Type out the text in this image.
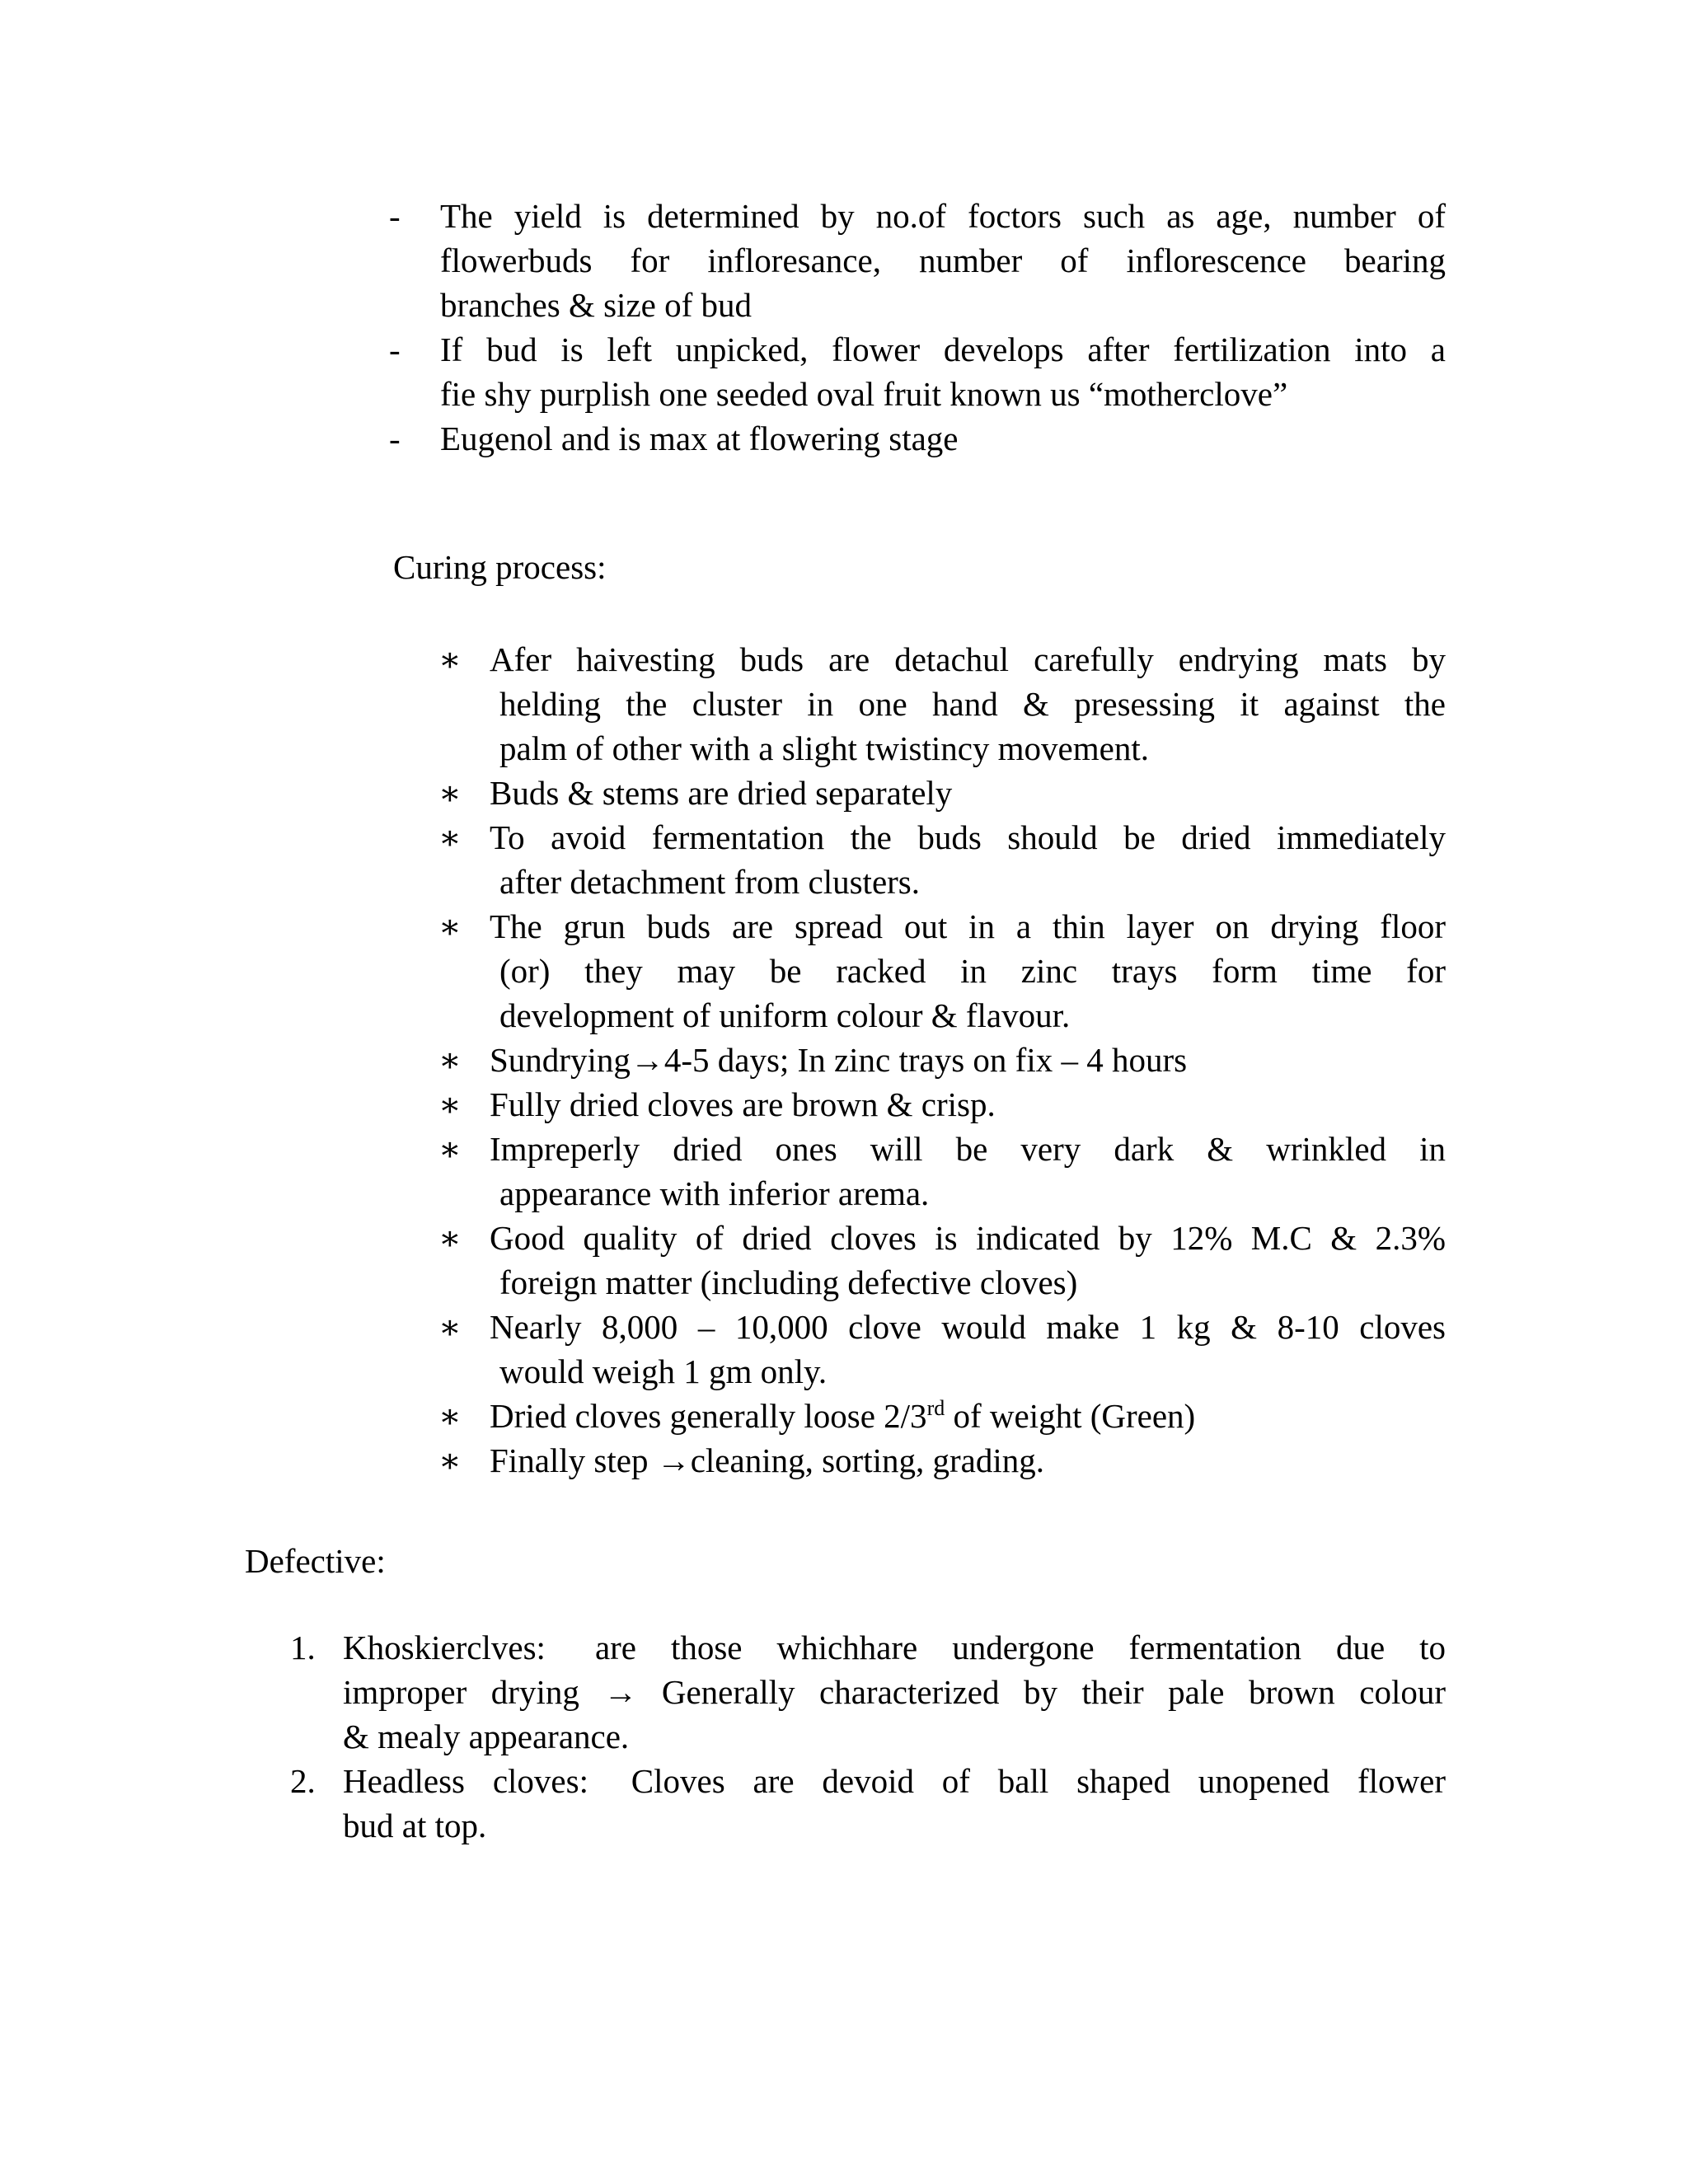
- The yield is determined by no.of foctors such as age, number of
flowerbuds for infloresance, number of inflorescence bearing
branches & size of bud
- If bud is left unpicked, flower develops after fertilization into a
fie shy purplish one seeded oval fruit known us “motherclove”
- Eugenol and is max at flowering stage
Curing process:
∗ Afer haivesting buds are detachul carefully endrying mats by
helding the cluster in one hand & presessing it against the
palm of other with a slight twistincy movement.
∗ Buds & stems are dried separately
∗ To avoid fermentation the buds should be dried immediately
after detachment from clusters.
∗ The grun buds are spread out in a thin layer on drying floor
(or) they may be racked in zinc trays form time for
development of uniform colour & flavour.
∗ Sundrying→4-5 days; In zinc trays on fix – 4 hours
∗ Fully dried cloves are brown & crisp.
∗ Impreperly dried ones will be very dark & wrinkled in
appearance with inferior arema.
∗ Good quality of dried cloves is indicated by 12% M.C & 2.3%
foreign matter (including defective cloves)
∗ Nearly 8,000 – 10,000 clove would make 1 kg & 8-10 cloves
would weigh 1 gm only.
∗ Dried cloves generally loose 2/3rd of weight (Green)
∗ Finally step →cleaning, sorting, grading.
Defective:
1. Khoskierclves: are those whichhare undergone fermentation due to
improper drying → Generally characterized by their pale brown colour
& mealy appearance.
2. Headless cloves: Cloves are devoid of ball shaped unopened flower
bud at top.
